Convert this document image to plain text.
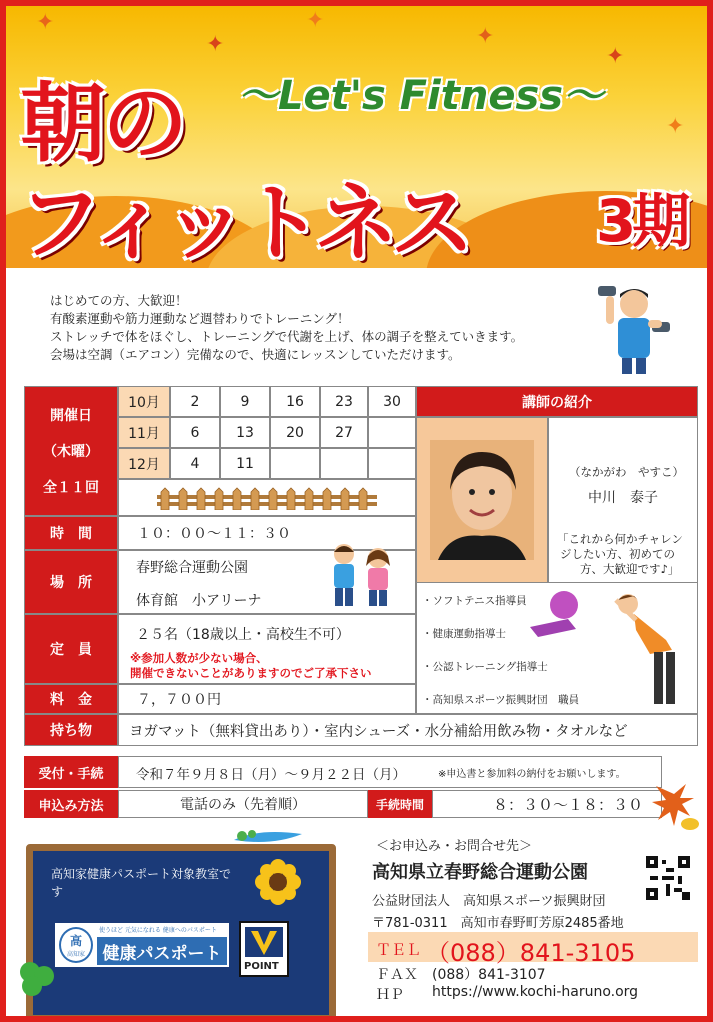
✦
✦
✦
✦
✦
✦
朝の ～Let's Fitness～
フィットネス 3期
はじめての方、大歓迎！
有酸素運動や筋力運動など週替わりでトレーニング！
ストレッチで体をほぐし、トレーニングで代謝を上げ、体の調子を整えていきます。
会場は空調（エアコン）完備なので、快適にレッスンしていただけます。
開催日
（木曜）
全１１回
10月	2	9	16	23	30
11月	6	13	20	27
12月	4	11
時　間	１０：００～１１：３０
場　所
春野総合運動公園
体育館　小アリーナ
定　員
２５名（18歳以上・高校生不可）
※参加人数が少ない場合、
開催できないことがありますのでご了承下さい
料　金	７，７００円
持ち物	ヨガマット（無料貸出あり）・室内シューズ・水分補給用飲み物・タオルなど
講師の紹介
（なかがわ　やすこ）
中川　泰子
「これから何かチャレン
ジしたい方、初めての
方、大歓迎です♪」
・ソフトテニス指導員
・健康運動指導士
・公認トレーニング指導士
・高知県スポーツ振興財団　職員
受付・手続	令和７年９月８日（月）～９月２２日（月）	※申込書と参加料の納付をお願いします。
申込み方法	電話のみ（先着順）	手続時間	８：３０～１８：３０
高知家健康パスポート対象教室で
す
高
高知家
使うほど 元気になれる 健康へのパスポート
健康パスポート
POINT
＜お申込み・お問合せ先＞
高知県立春野総合運動公園
公益財団法人　高知県スポーツ振興財団
〒781-0311　高知市春野町芳原2485番地
ＴＥＬ （088）841-3105
ＦＡＸ　(088）841-3107
ＨＰ https://www.kochi-haruno.org
